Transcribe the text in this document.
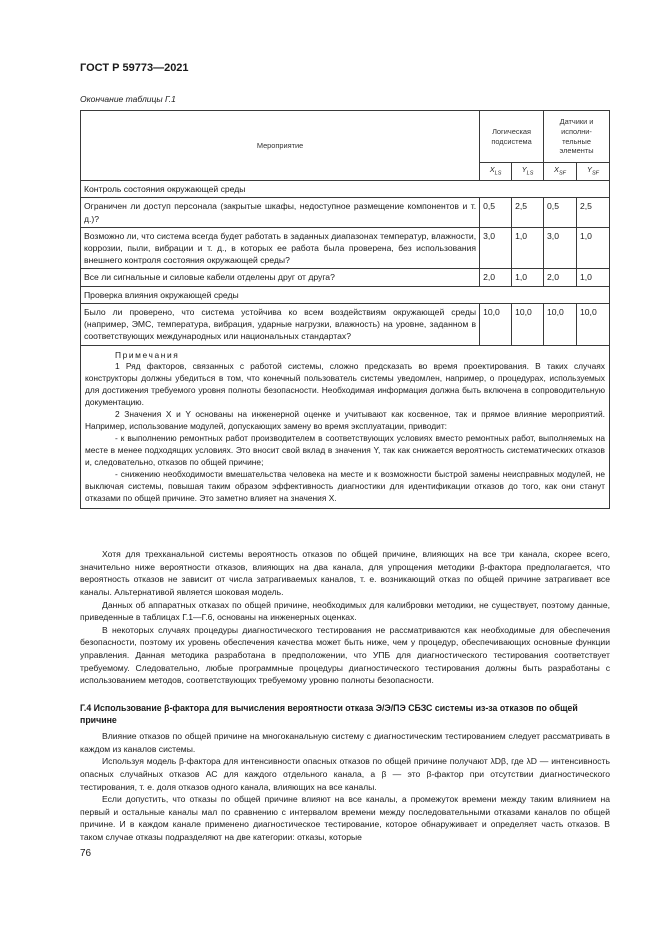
ГОСТ Р 59773—2021
Окончание таблицы Г.1
Мероприятие	Логическая подсистема		Датчики и исполни-тельные элементы	
	$X_{LS}$	$Y_{LS}$	$X_{SF}$	$Y_{SF}$
Контроль состояния окружающей среды				
Ограничен ли доступ персонала (закрытые шкафы, недоступное размещение компонентов и т. д.)?	0,5	2,5	0,5	2,5
Возможно ли, что система всегда будет работать в заданных диапазонах температур, влажности, коррозии, пыли, вибрации и т. д., в которых ее работа была проверена, без использования внешнего контроля состояния окружающей среды?	3,0	1,0	3,0	1,0
Все ли сигнальные и силовые кабели отделены друг от друга?	2,0	1,0	2,0	1,0
Проверка влияния окружающей среды				
Было ли проверено, что система устойчива ко всем воздействиям окружающей среды (например, ЭМС, температура, вибрация, ударные нагрузки, влажность) на уровне, заданном в соответствующих международных или национальных стандартах?	10,0	10,0	10,0	10,0

Примечания
1 Ряд факторов, связанных с работой системы, сложно предсказать во время проектирования. В таких случаях конструкторы должны убедиться в том, что конечный пользователь системы уведомлен, например, о процедурах, используемых для достижения требуемого уровня полноты безопасности. Необходимая информация должна быть включена в сопроводительную документацию.
2 Значения X и Y основаны на инженерной оценке и учитывают как косвенное, так и прямое влияние мероприятий. Например, использование модулей, допускающих замену во время эксплуатации, приводит:
- к выполнению ремонтных работ производителем в соответствующих условиях вместо ремонтных работ, выполняемых на месте в менее подходящих условиях. Это вносит свой вклад в значения Y, так как снижается вероятность систематических отказов и, следовательно, отказов по общей причине;
- снижению необходимости вмешательства человека на месте и к возможности быстрой замены неисправных модулей, не выключая системы, повышая таким образом эффективность диагностики для идентификации отказов до того, как они станут отказами по общей причине. Это заметно влияет на значения X.				

Хотя для трехканальной системы вероятность отказов по общей причине, влияющих на все три канала, скорее всего, значительно ниже вероятности отказов, влияющих на два канала, для упрощения методики β-фактора предполагается, что вероятность отказов не зависит от числа затрагиваемых каналов, т. е. возникающий отказ по общей причине затрагивает все каналы. Альтернативой является шоковая модель.

Данных об аппаратных отказах по общей причине, необходимых для калибровки методики, не существует, поэтому данные, приведенные в таблицах Г.1—Г.6, основаны на инженерных оценках.

В некоторых случаях процедуры диагностического тестирования не рассматриваются как необходимые для обеспечения безопасности, поэтому их уровень обеспечения качества может быть ниже, чем у процедур, обеспечивающих основные функции управления. Данная методика разработана в предположении, что УПБ для диагностического тестирования соответствует требуемому. Следовательно, любые программные процедуры диагностического тестирования должны быть разработаны с использованием методов, соответствующих требуемому уровню полноты безопасности.

Г.4 Использование β-фактора для вычисления вероятности отказа Э/Э/ПЭ СБЗС системы из-за отказов по общей причине

Влияние отказов по общей причине на многоканальную систему с диагностическим тестированием следует рассматривать в каждом из каналов системы.

Используя модель β-фактора для интенсивности опасных отказов по общей причине получают λDβ, где λD — интенсивность опасных случайных отказов АС для каждого отдельного канала, а β — это β-фактор при отсутствии диагностического тестирования, т. е. доля отказов одного канала, влияющих на все каналы.

Если допустить, что отказы по общей причине влияют на все каналы, а промежуток времени между таким влиянием на первый и остальные каналы мал по сравнению с интервалом времени между последовательными отказами каналов по общей причине. И в каждом канале применено диагностическое тестирование, которое обнаруживает и определяет часть отказов. В таком случае отказы подразделяют на две категории: отказы, которые

76
